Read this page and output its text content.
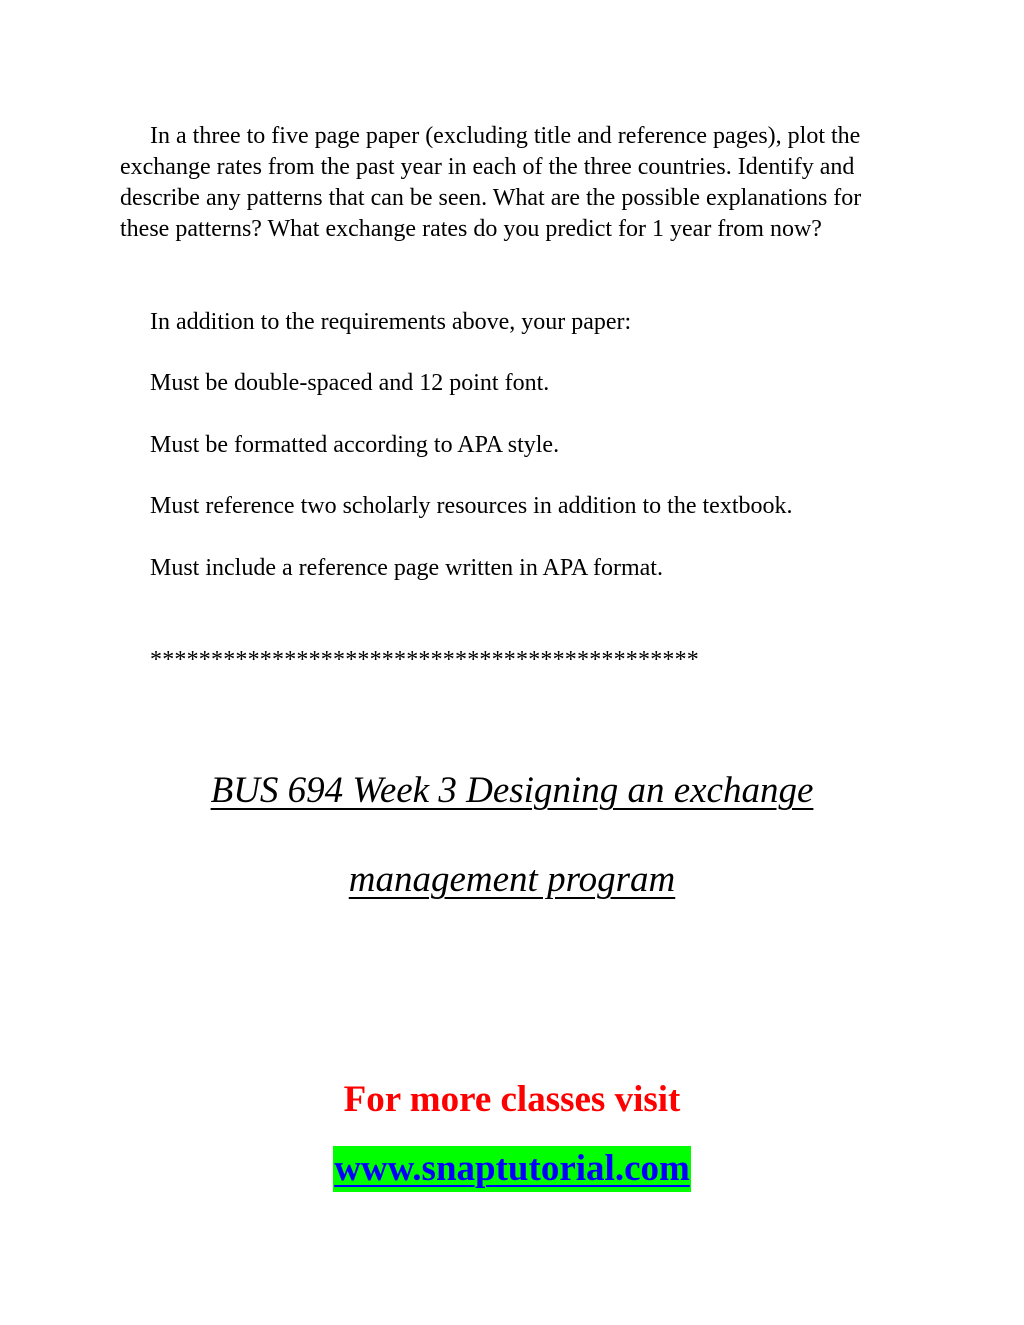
In a three to five page paper (excluding title and reference pages), plot the exchange rates from the past year in each of the three countries. Identify and describe any patterns that can be seen. What are the possible explanations for these patterns? What exchange rates do you predict for 1 year from now?

In addition to the requirements above, your paper:

Must be double-spaced and 12 point font.

Must be formatted according to APA style.

Must reference two scholarly resources in addition to the textbook.

Must include a reference page written in APA format.

*********************************************

BUS 694 Week 3 Designing an exchange

management program

For more classes visit

www.snaptutorial.com
